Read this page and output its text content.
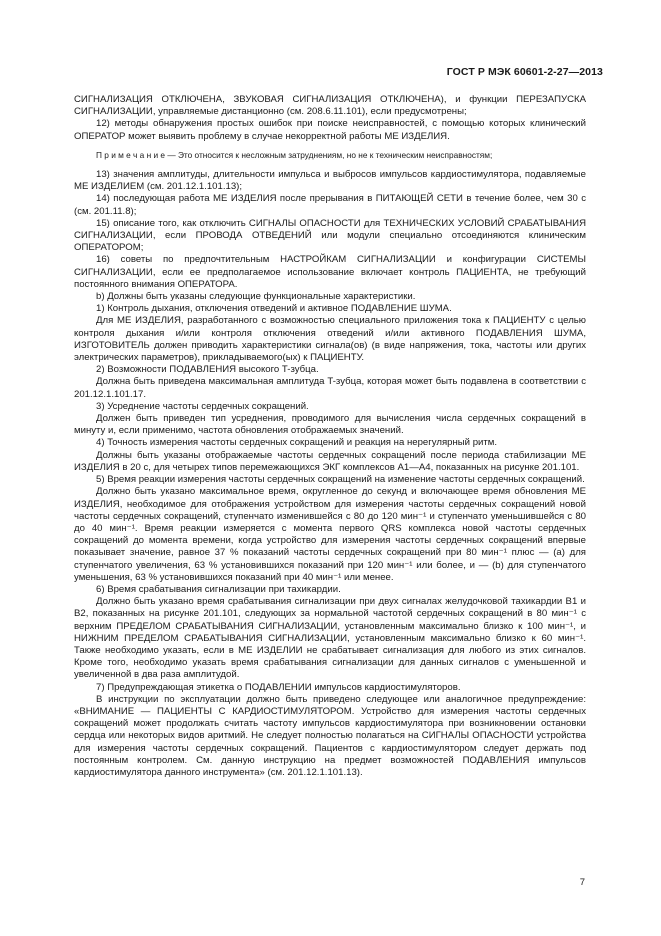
ГОСТ Р МЭК 60601-2-27—2013

СИГНАЛИЗАЦИЯ ОТКЛЮЧЕНА, ЗВУКОВАЯ СИГНАЛИЗАЦИЯ ОТКЛЮЧЕНА), и функции ПЕРЕЗАПУСКА СИГНАЛИЗАЦИИ, управляемые дистанционно (см. 208.6.11.101), если предусмотрены;

12) методы обнаружения простых ошибок при поиске неисправностей, с помощью которых клинический ОПЕРАТОР может выявить проблему в случае некорректной работы МЕ ИЗДЕЛИЯ.

П р и м е ч а н и е — Это относится к несложным затруднениям, но не к техническим неисправностям;

13) значения амплитуды, длительности импульса и выбросов импульсов кардиостимулятора, подавляемые МЕ ИЗДЕЛИЕМ (см. 201.12.1.101.13);

14) последующая работа МЕ ИЗДЕЛИЯ после прерывания в ПИТАЮЩЕЙ СЕТИ в течение более, чем 30 с (см. 201.11.8);

15) описание того, как отключить СИГНАЛЫ ОПАСНОСТИ для ТЕХНИЧЕСКИХ УСЛОВИЙ СРАБАТЫВАНИЯ СИГНАЛИЗАЦИИ, если ПРОВОДА ОТВЕДЕНИЙ или модули специально отсоединяются клиническим ОПЕРАТОРОМ;

16) советы по предпочтительным НАСТРОЙКАМ СИГНАЛИЗАЦИИ и конфигурации СИСТЕМЫ СИГНАЛИЗАЦИИ, если ее предполагаемое использование включает контроль ПАЦИЕНТА, не требующий постоянного внимания ОПЕРАТОРА.

b) Должны быть указаны следующие функциональные характеристики.

1) Контроль дыхания, отключения отведений и активное ПОДАВЛЕНИЕ ШУМА.

Для МЕ ИЗДЕЛИЯ, разработанного с возможностью специального приложения тока к ПАЦИЕНТУ с целью контроля дыхания и/или контроля отключения отведений и/или активного ПОДАВЛЕНИЯ ШУМА, ИЗГОТОВИТЕЛЬ должен приводить характеристики сигнала(ов) (в виде напряжения, тока, частоты или других электрических параметров), прикладываемого(ых) к ПАЦИЕНТУ.

2) Возможности ПОДАВЛЕНИЯ высокого T-зубца.

Должна быть приведена максимальная амплитуда T-зубца, которая может быть подавлена в соответствии с 201.12.1.101.17.

3) Усреднение частоты сердечных сокращений.

Должен быть приведен тип усреднения, проводимого для вычисления числа сердечных сокращений в минуту и, если применимо, частота обновления отображаемых значений.

4) Точность измерения частоты сердечных сокращений и реакция на нерегулярный ритм.

Должны быть указаны отображаемые частоты сердечных сокращений после периода стабилизации МЕ ИЗДЕЛИЯ в 20 с, для четырех типов перемежающихся ЭКГ комплексов A1—A4, показанных на рисунке 201.101.

5) Время реакции измерения частоты сердечных сокращений на изменение частоты сердечных сокращений.

Должно быть указано максимальное время, округленное до секунд и включающее время обновления МЕ ИЗДЕЛИЯ, необходимое для отображения устройством для измерения частоты сердечных сокращений новой частоты сердечных сокращений, ступенчато изменившейся с 80 до 120 мин⁻¹ и ступенчато уменьшившейся с 80 до 40 мин⁻¹. Время реакции измеряется с момента первого QRS комплекса новой частоты сердечных сокращений до момента времени, когда устройство для измерения частоты сердечных сокращений впервые показывает значение, равное 37 % показаний частоты сердечных сокращений при 80 мин⁻¹ плюс — (a) для ступенчатого увеличения, 63 % установившихся показаний при 120 мин⁻¹ или более, и — (b) для ступенчатого уменьшения, 63 % установившихся показаний при 40 мин⁻¹ или менее.

6) Время срабатывания сигнализации при тахикардии.

Должно быть указано время срабатывания сигнализации при двух сигналах желудочковой тахикардии B1 и B2, показанных на рисунке 201.101, следующих за нормальной частотой сердечных сокращений в 80 мин⁻¹ с верхним ПРЕДЕЛОМ СРАБАТЫВАНИЯ СИГНАЛИЗАЦИИ, установленным максимально близко к 100 мин⁻¹, и НИЖНИМ ПРЕДЕЛОМ СРАБАТЫВАНИЯ СИГНАЛИЗАЦИИ, установленным максимально близко к 60 мин⁻¹. Также необходимо указать, если в МЕ ИЗДЕЛИИ не срабатывает сигнализация для любого из этих сигналов. Кроме того, необходимо указать время срабатывания сигнализации для данных сигналов с уменьшенной и увеличенной в два раза амплитудой.

7) Предупреждающая этикетка о ПОДАВЛЕНИИ импульсов кардиостимуляторов.

В инструкции по эксплуатации должно быть приведено следующее или аналогичное предупреждение: «ВНИМАНИЕ — ПАЦИЕНТЫ С КАРДИОСТИМУЛЯТОРОМ. Устройство для измерения частоты сердечных сокращений может продолжать считать частоту импульсов кардиостимулятора при возникновении остановки сердца или некоторых видов аритмий. Не следует полностью полагаться на СИГНАЛЫ ОПАСНОСТИ устройства для измерения частоты сердечных сокращений. Пациентов с кардиостимулятором следует держать под постоянным контролем. См. данную инструкцию на предмет возможностей ПОДАВЛЕНИЯ импульсов кардиостимулятора данного инструмента» (см. 201.12.1.101.13).

7
